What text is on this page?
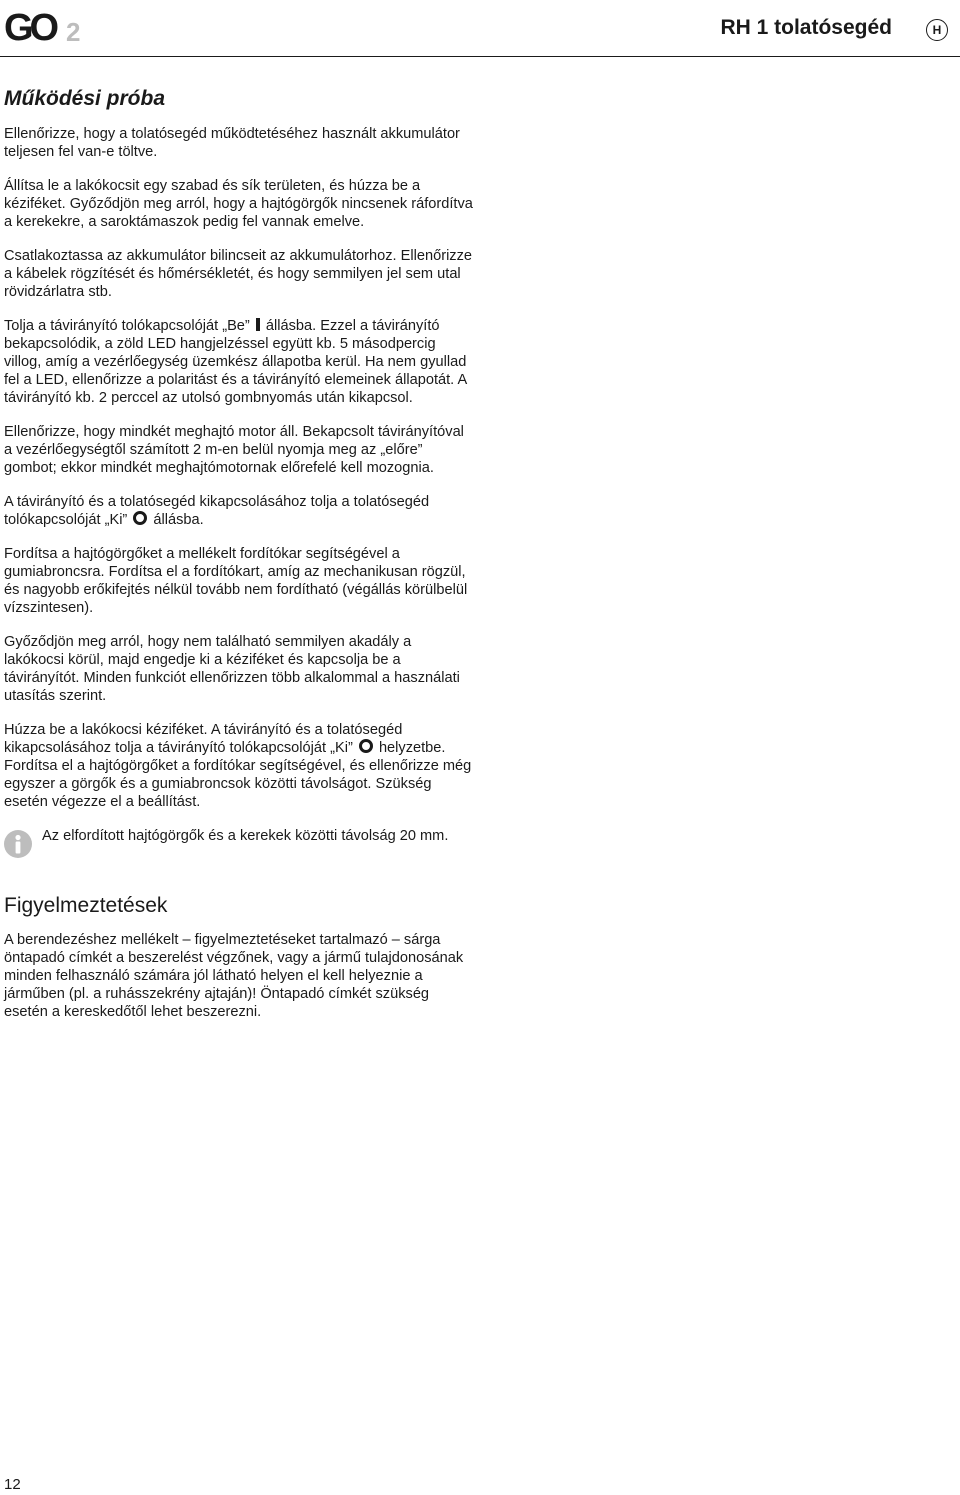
GO 2	RH 1 tolatósegéd	H
Működési próba

Ellenőrizze, hogy a tolatósegéd működtetéséhez használt akkumulátor teljesen fel van-e töltve.

Állítsa le a lakókocsit egy szabad és sík területen, és húzza be a kéziféket. Győződjön meg arról, hogy a hajtógörgők nincsenek ráfordítva a kerekekre, a saroktámaszok pedig fel vannak emelve.

Csatlakoztassa az akkumulátor bilincseit az akkumulátorhoz. Ellenőrizze a kábelek rögzítését és hőmérsékletét, és hogy semmilyen jel sem utal rövidzárlatra stb.

Tolja a távirányító tolókapcsolóját „Be” állásba. Ezzel a távirányító bekapcsolódik, a zöld LED hangjelzéssel együtt kb. 5 másodpercig villog, amíg a vezérlőegység üzemkész állapotba kerül. Ha nem gyullad fel a LED, ellenőrizze a polaritást és a távirányító elemeinek állapotát. A távirányító kb. 2 perccel az utolsó gombnyomás után kikapcsol.

Ellenőrizze, hogy mindkét meghajtó motor áll. Bekapcsolt távirányítóval a vezérlőegységtől számított 2 m-en belül nyomja meg az „előre” gombot; ekkor mindkét meghajtómotornak előrefelé kell mozognia.

A távirányító és a tolatósegéd kikapcsolásához tolja a tolatósegéd tolókapcsolóját „Ki” állásba.

Fordítsa a hajtógörgőket a mellékelt fordítókar segítségével a gumiabroncsra. Fordítsa el a fordítókart, amíg az mechanikusan rögzül, és nagyobb erőkifejtés nélkül tovább nem fordítható (végállás körülbelül vízszintesen).

Győződjön meg arról, hogy nem található semmilyen akadály a lakókocsi körül, majd engedje ki a kéziféket és kapcsolja be a távirányítót. Minden funkciót ellenőrizzen több alkalommal a használati utasítás szerint.

Húzza be a lakókocsi kéziféket. A távirányító és a tolatósegéd kikapcsolásához tolja a távirányító tolókapcsolóját „Ki” helyzetbe. Fordítsa el a hajtógörgőket a fordítókar segítségével, és ellenőrizze még egyszer a görgők és a gumiabroncsok közötti távolságot. Szükség esetén végezze el a beállítást.

Az elfordított hajtógörgők és a kerekek közötti távolság 20 mm.
Figyelmeztetések

A berendezéshez mellékelt – figyelmeztetéseket tartalmazó – sárga öntapadó címkét a beszerelést végzőnek, vagy a jármű tulajdonosának minden felhasználó számára jól látható helyen el kell helyeznie a járműben (pl. a ruhásszekrény ajtaján)! Öntapadó címkét szükség esetén a kereskedőtől lehet beszerezni.

12
